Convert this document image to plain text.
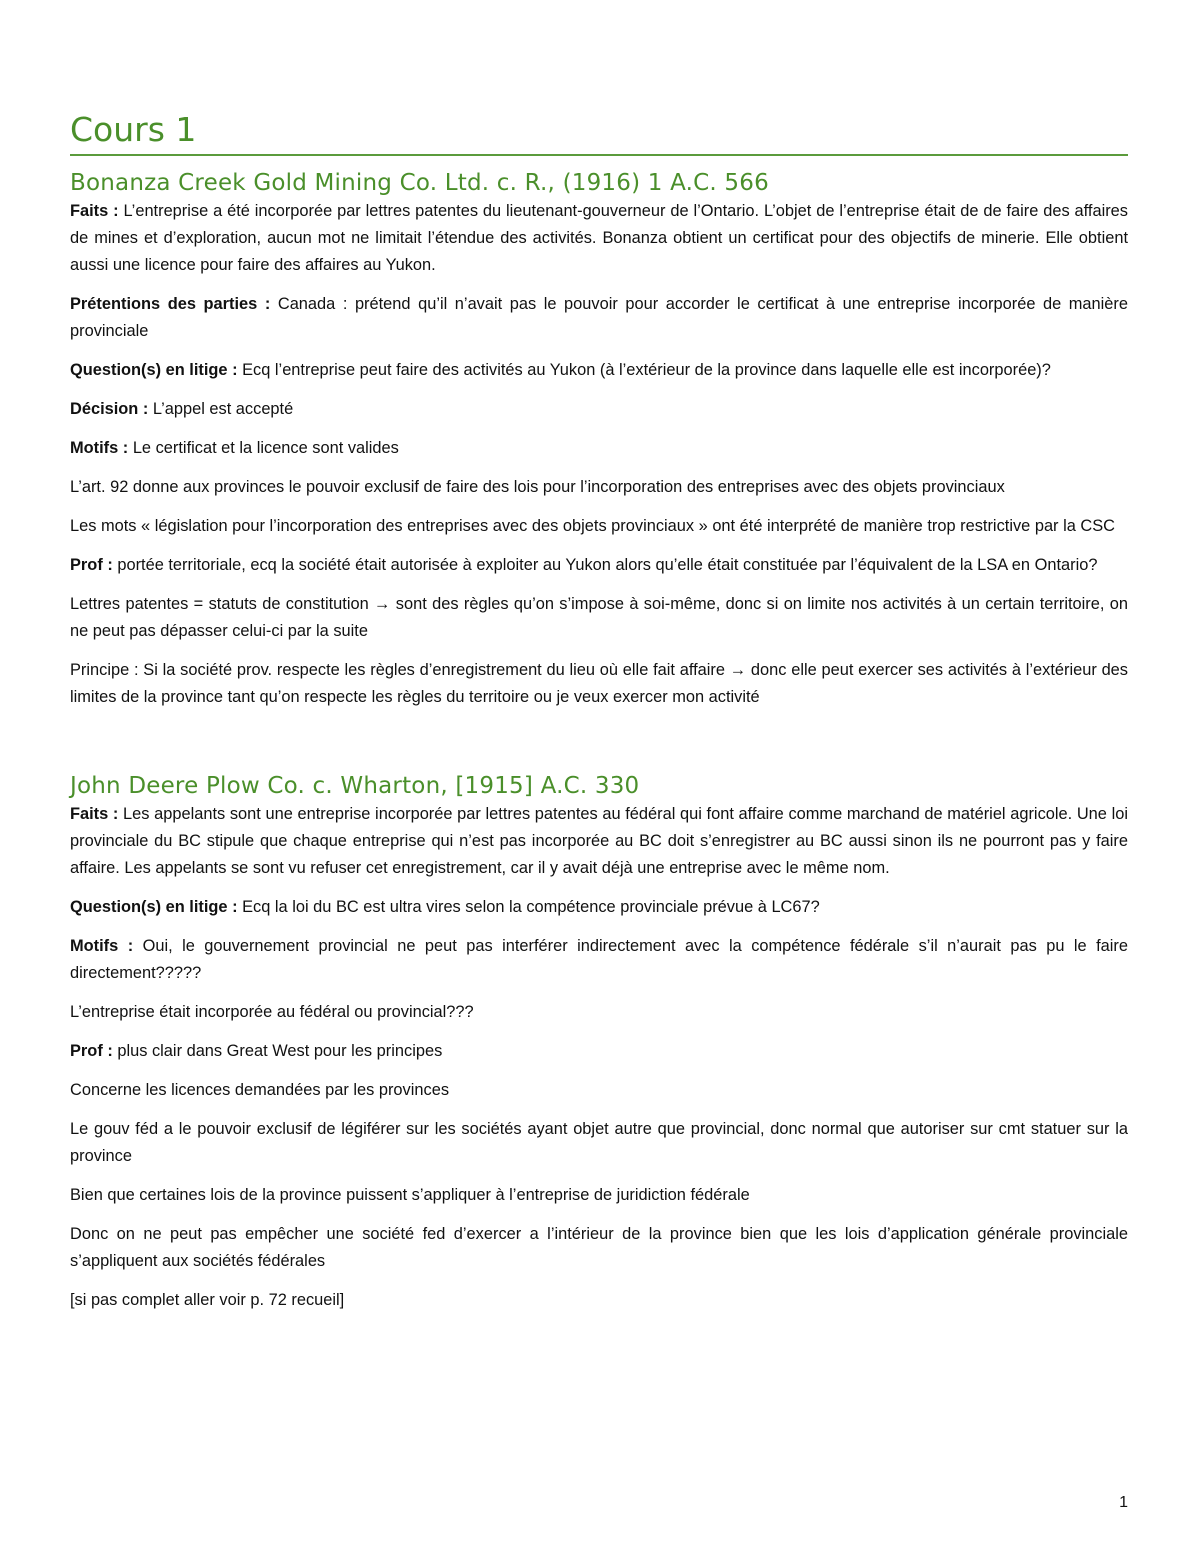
Cours 1
Bonanza Creek Gold Mining Co. Ltd. c. R., (1916) 1 A.C. 566

Faits : L’entreprise a été incorporée par lettres patentes du lieutenant-gouverneur de l’Ontario. L’objet de l’entreprise était de de faire des affaires de mines et d’exploration, aucun mot ne limitait l’étendue des activités. Bonanza obtient un certificat pour des objectifs de minerie. Elle obtient aussi une licence pour faire des affaires au Yukon.

Prétentions des parties : Canada : prétend qu’il n’avait pas le pouvoir pour accorder le certificat à une entreprise incorporée de manière provinciale

Question(s) en litige : Ecq l’entreprise peut faire des activités au Yukon (à l’extérieur de la province dans laquelle elle est incorporée)?

Décision : L’appel est accepté

Motifs : Le certificat et la licence sont valides

L’art. 92 donne aux provinces le pouvoir exclusif de faire des lois pour l’incorporation des entreprises avec des objets provinciaux

Les mots « législation pour l’incorporation des entreprises avec des objets provinciaux » ont été interprété de manière trop restrictive par la CSC

Prof : portée territoriale, ecq la société était autorisée à exploiter au Yukon alors qu’elle était constituée par l’équivalent de la LSA en Ontario?

Lettres patentes = statuts de constitution → sont des règles qu’on s’impose à soi-même, donc si on limite nos activités à un certain territoire, on ne peut pas dépasser celui-ci par la suite

Principe : Si la société prov. respecte les règles d’enregistrement du lieu où elle fait affaire → donc elle peut exercer ses activités à l’extérieur des limites de la province tant qu’on respecte les règles du territoire ou je veux exercer mon activité

John Deere Plow Co. c. Wharton, [1915] A.C. 330

Faits : Les appelants sont une entreprise incorporée par lettres patentes au fédéral qui font affaire comme marchand de matériel agricole. Une loi provinciale du BC stipule que chaque entreprise qui n’est pas incorporée au BC doit s’enregistrer au BC aussi sinon ils ne pourront pas y faire affaire. Les appelants se sont vu refuser cet enregistrement, car il y avait déjà une entreprise avec le même nom.

Question(s) en litige : Ecq la loi du BC est ultra vires selon la compétence provinciale prévue à LC67?

Motifs : Oui, le gouvernement provincial ne peut pas interférer indirectement avec la compétence fédérale s’il n’aurait pas pu le faire directement?????

L’entreprise était incorporée au fédéral ou provincial???

Prof : plus clair dans Great West pour les principes

Concerne les licences demandées par les provinces

Le gouv féd a le pouvoir exclusif de légiférer sur les sociétés ayant objet autre que provincial, donc normal que autoriser sur cmt statuer sur la province

Bien que certaines lois de la province puissent s’appliquer à l’entreprise de juridiction fédérale

Donc on ne peut pas empêcher une société fed d’exercer a l’intérieur de la province bien que les lois d’application générale provinciale s’appliquent aux sociétés fédérales

[si pas complet aller voir p. 72 recueil]

1
